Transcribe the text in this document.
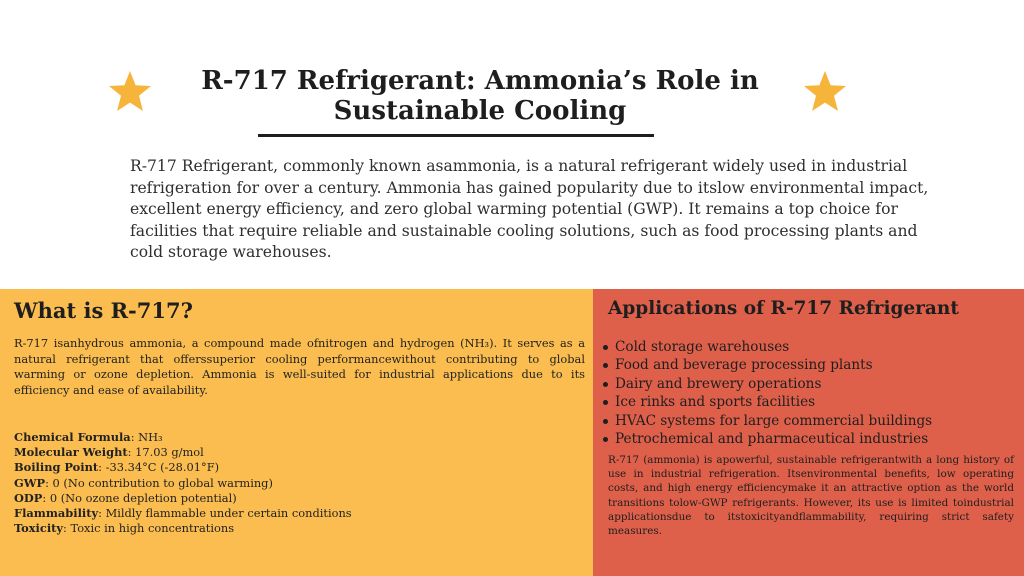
R-717 Refrigerant: Ammonia’s Role in
Sustainable Cooling

R-717 Refrigerant, commonly known asammonia, is a natural refrigerant widely used in industrial refrigeration for over a century. Ammonia has gained popularity due to itslow environmental impact, excellent energy efficiency, and zero global warming potential (GWP). It remains a top choice for facilities that require reliable and sustainable cooling solutions, such as food processing plants and cold storage warehouses.

What is R-717?

R-717 isanhydrous ammonia, a compound made ofnitrogen and hydrogen (NH₃). It serves as a natural refrigerant that offerssuperior cooling performancewithout contributing to global warming or ozone depletion. Ammonia is well-suited for industrial applications due to its efficiency and ease of availability.

Chemical Formula: NH₃
Molecular Weight: 17.03 g/mol
Boiling Point: -33.34°C (-28.01°F)
GWP: 0 (No contribution to global warming)
ODP: 0 (No ozone depletion potential)
Flammability: Mildly flammable under certain conditions
Toxicity: Toxic in high concentrations
Applications of R-717 Refrigerant
Cold storage warehouses
Food and beverage processing plants
Dairy and brewery operations
Ice rinks and sports facilities
HVAC systems for large commercial buildings
Petrochemical and pharmaceutical industries

R-717 (ammonia) is apowerful, sustainable refrigerantwith a long history of use in industrial refrigeration. Itsenvironmental benefits, low operating costs, and high energy efficiencymake it an attractive option as the world transitions tolow-GWP refrigerants. However, its use is limited toindustrial applicationsdue to itstoxicityandflammability, requiring strict safety measures.
